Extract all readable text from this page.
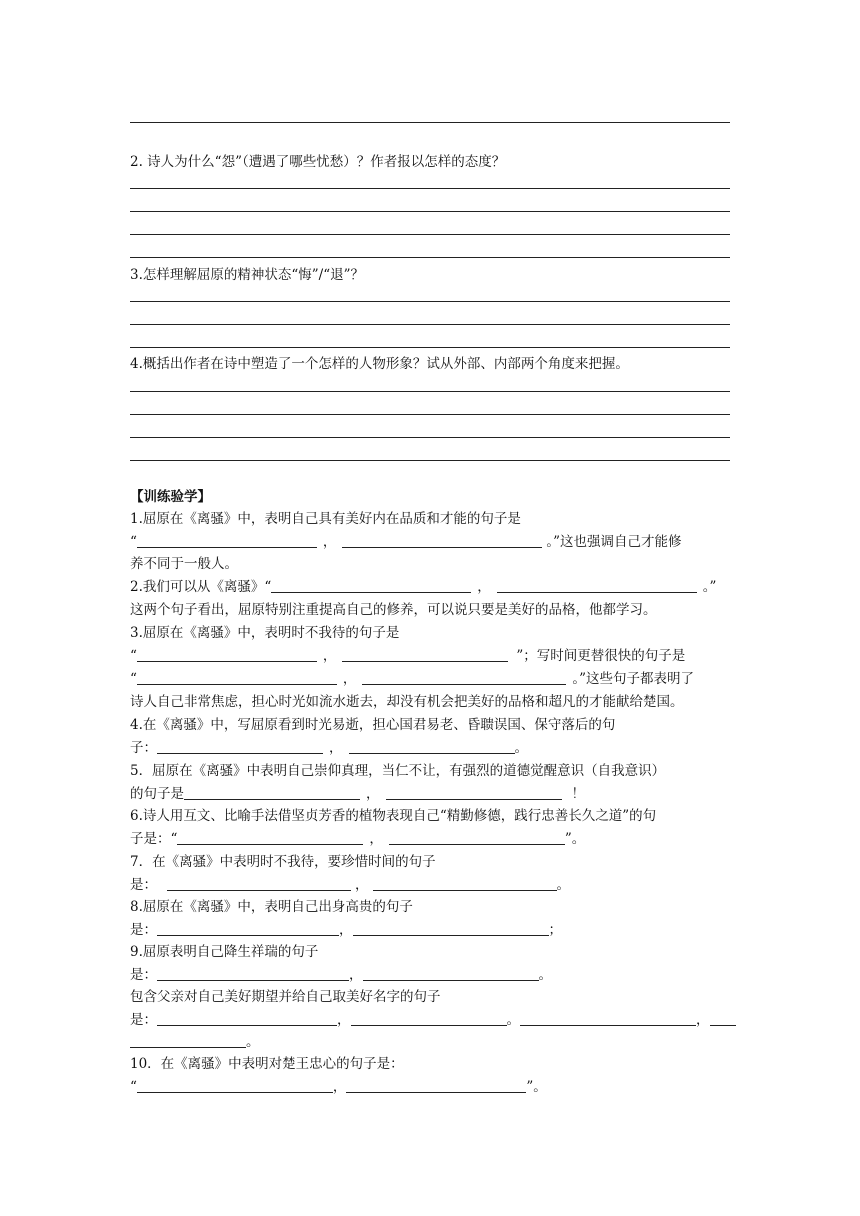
2. 诗人为什么“怨”（遭遇了哪些忧愁）？作者报以怎样的态度？
3.怎样理解屈原的精神状态“悔”/“退”？
4.概括出作者在诗中塑造了一个怎样的人物形象？试从外部、内部两个角度来把握。
【训练验学】
1.屈原在《离骚》中，表明自己具有美好内在品质和才能的句子是
“	，	。”这也强调自己才能修
养不同于一般人。
2.我们可以从《离骚》“	，	。”
这两个句子看出，屈原特别注重提高自己的修养，可以说只要是美好的品格，他都学习。
3.屈原在《离骚》中，表明时不我待的句子是
“	，	”；写时间更替很快的句子是
“	，	。”这些句子都表明了
诗人自己非常焦虑，担心时光如流水逝去，却没有机会把美好的品格和超凡的才能献给楚国。
4.在《离骚》中，写屈原看到时光易逝，担心国君易老、昏聩误国、保守落后的句
子：	，	。
5．屈原在《离骚》中表明自己崇仰真理，当仁不让，有强烈的道德觉醒意识（自我意识）
的句子是	，	！
6.诗人用互文、比喻手法借坚贞芳香的植物表现自己“精勤修德，践行忠善长久之道”的句
子是：“	，	”。
7．在《离骚》中表明时不我待，要珍惜时间的句子
是：	，	。
8.屈原在《离骚》中，表明自己出身高贵的句子
是：	，	；
9.屈原表明自己降生祥瑞的句子
是：	，	。
包含父亲对自己美好期望并给自己取美好名字的句子
是：	，	。	，
。
10．在《离骚》中表明对楚王忠心的句子是：
“	，	”。
